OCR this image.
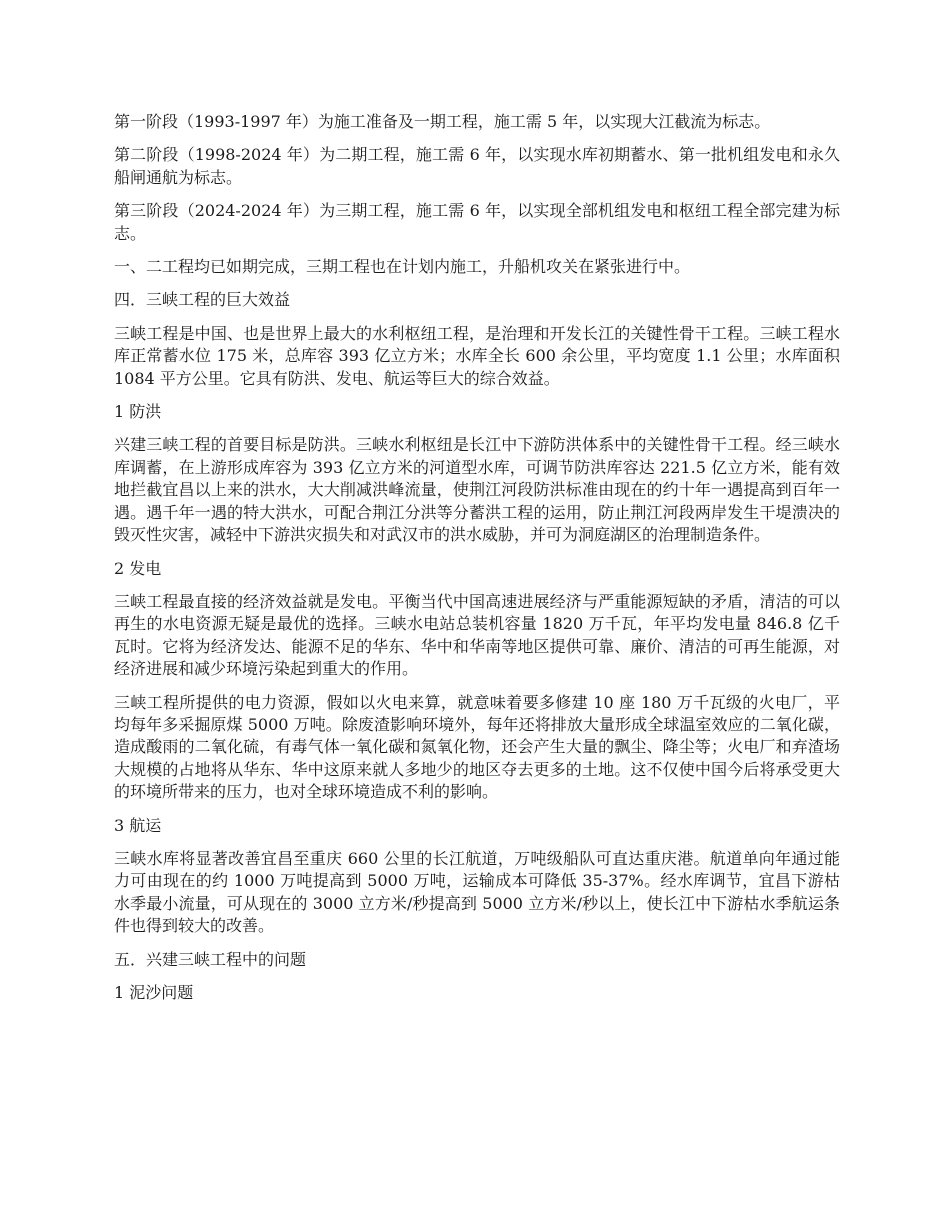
第一阶段（1993-1997 年）为施工准备及一期工程，施工需 5 年，以实现大江截流为标志。

第二阶段（1998-2024 年）为二期工程，施工需 6 年，以实现水库初期蓄水、第一批机组发电和永久船闸通航为标志。

第三阶段（2024-2024 年）为三期工程，施工需 6 年，以实现全部机组发电和枢纽工程全部完建为标志。

一、二工程均已如期完成，三期工程也在计划内施工，升船机攻关在紧张进行中。

四．三峡工程的巨大效益

三峡工程是中国、也是世界上最大的水利枢纽工程，是治理和开发长江的关键性骨干工程。三峡工程水库正常蓄水位 175 米，总库容 393 亿立方米；水库全长 600 余公里，平均宽度 1.1 公里；水库面积 1084 平方公里。它具有防洪、发电、航运等巨大的综合效益。

1 防洪

兴建三峡工程的首要目标是防洪。三峡水利枢纽是长江中下游防洪体系中的关键性骨干工程。经三峡水库调蓄，在上游形成库容为 393 亿立方米的河道型水库，可调节防洪库容达 221.5 亿立方米，能有效地拦截宜昌以上来的洪水，大大削减洪峰流量，使荆江河段防洪标准由现在的约十年一遇提高到百年一遇。遇千年一遇的特大洪水，可配合荆江分洪等分蓄洪工程的运用，防止荆江河段两岸发生干堤溃决的毁灭性灾害，减轻中下游洪灾损失和对武汉市的洪水威胁，并可为洞庭湖区的治理制造条件。

2 发电

三峡工程最直接的经济效益就是发电。平衡当代中国高速进展经济与严重能源短缺的矛盾，清洁的可以再生的水电资源无疑是最优的选择。三峡水电站总装机容量 1820 万千瓦，年平均发电量 846.8 亿千瓦时。它将为经济发达、能源不足的华东、华中和华南等地区提供可靠、廉价、清洁的可再生能源，对经济进展和减少环境污染起到重大的作用。

三峡工程所提供的电力资源，假如以火电来算，就意味着要多修建 10 座 180 万千瓦级的火电厂，平均每年多采掘原煤 5000 万吨。除废渣影响环境外，每年还将排放大量形成全球温室效应的二氧化碳，造成酸雨的二氧化硫，有毒气体一氧化碳和氮氧化物，还会产生大量的飘尘、降尘等；火电厂和弃渣场大规模的占地将从华东、华中这原来就人多地少的地区夺去更多的土地。这不仅使中国今后将承受更大的环境所带来的压力，也对全球环境造成不利的影响。

3 航运

三峡水库将显著改善宜昌至重庆 660 公里的长江航道，万吨级船队可直达重庆港。航道单向年通过能力可由现在的约 1000 万吨提高到 5000 万吨，运输成本可降低 35-37%。经水库调节，宜昌下游枯水季最小流量，可从现在的 3000 立方米/秒提高到 5000 立方米/秒以上，使长江中下游枯水季航运条件也得到较大的改善。

五．兴建三峡工程中的问题

1 泥沙问题
